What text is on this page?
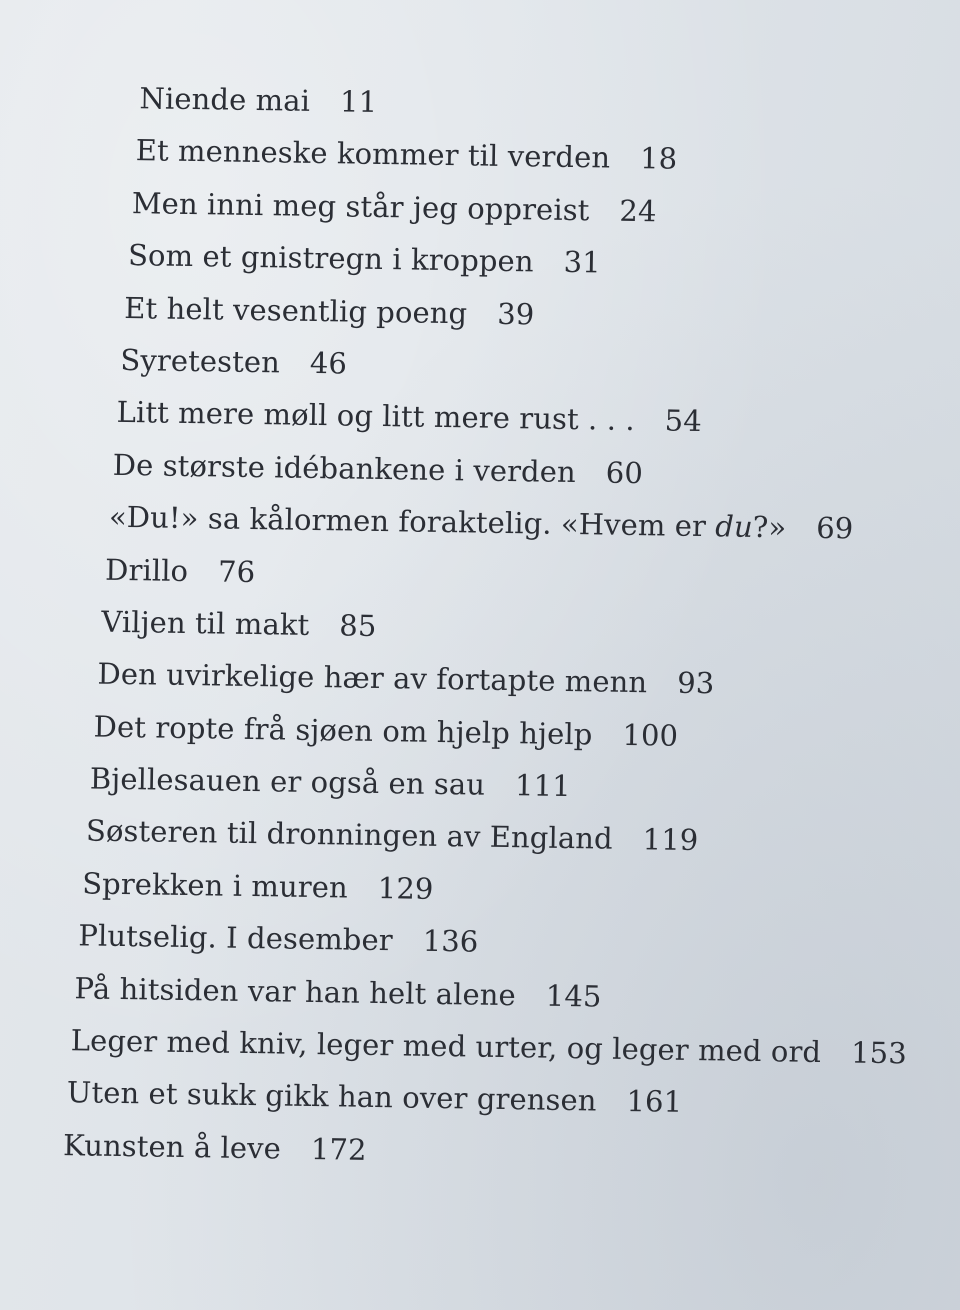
Niende mai 11
Et menneske kommer til verden 18
Men inni meg står jeg oppreist 24
Som et gnistregn i kroppen 31
Et helt vesentlig poeng 39
Syretesten 46
Litt mere møll og litt mere rust . . . 54
De største idébankene i verden 60
«Du!» sa kålormen foraktelig. «Hvem er du?» 69
Drillo 76
Viljen til makt 85
Den uvirkelige hær av fortapte menn 93
Det ropte frå sjøen om hjelp hjelp 100
Bjellesauen er også en sau 111
Søsteren til dronningen av England 119
Sprekken i muren 129
Plutselig. I desember 136
På hitsiden var han helt alene 145
Leger med kniv, leger med urter, og leger med ord 153
Uten et sukk gikk han over grensen 161
Kunsten å leve 172
